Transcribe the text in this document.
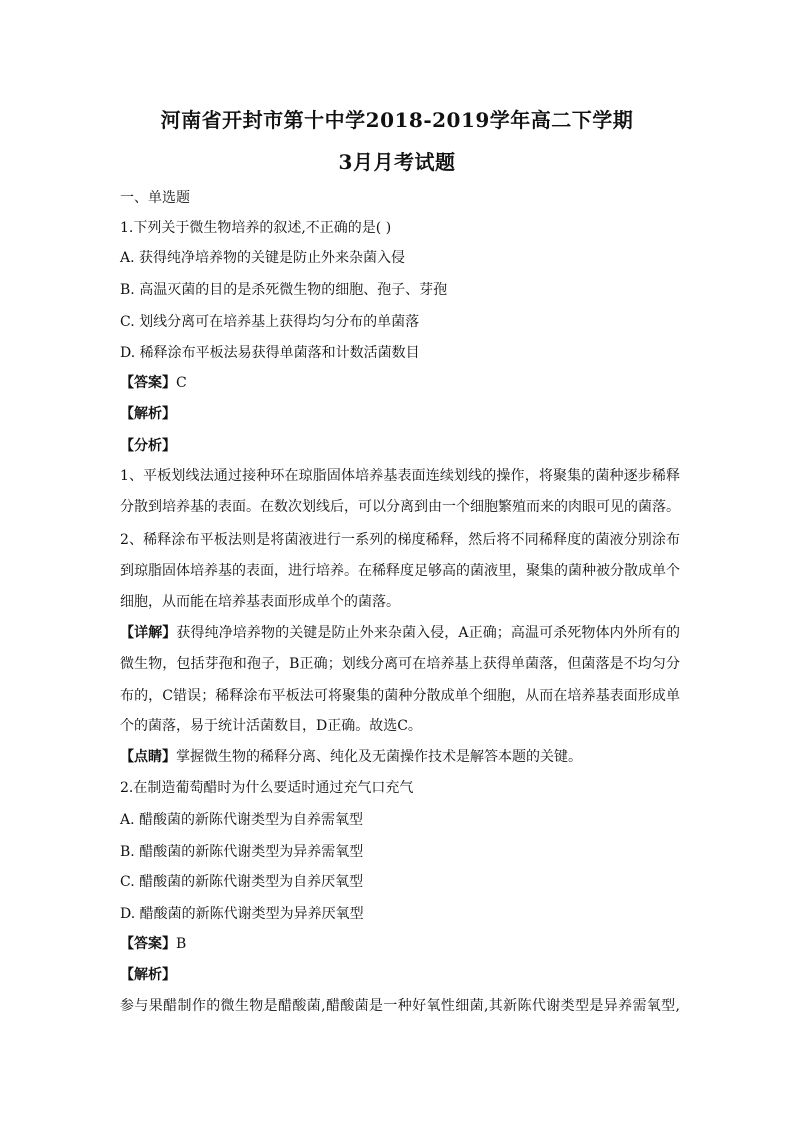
河南省开封市第十中学2018-2019学年高二下学期
3月月考试题
一、单选题
1.下列关于微生物培养的叙述,不正确的是( )
A. 获得纯净培养物的关键是防止外来杂菌入侵
B. 高温灭菌的目的是杀死微生物的细胞、孢子、芽孢
C. 划线分离可在培养基上获得均匀分布的单菌落
D. 稀释涂布平板法易获得单菌落和计数活菌数目
【答案】C
【解析】
【分析】
1、平板划线法通过接种环在琼脂固体培养基表面连续划线的操作，将聚集的菌种逐步稀释
分散到培养基的表面。在数次划线后，可以分离到由一个细胞繁殖而来的肉眼可见的菌落。
2、稀释涂布平板法则是将菌液进行一系列的梯度稀释，然后将不同稀释度的菌液分别涂布
到琼脂固体培养基的表面，进行培养。在稀释度足够高的菌液里，聚集的菌种被分散成单个
细胞，从而能在培养基表面形成单个的菌落。
【详解】获得纯净培养物的关键是防止外来杂菌入侵，A正确；高温可杀死物体内外所有的
微生物，包括芽孢和孢子，B正确；划线分离可在培养基上获得单菌落，但菌落是不均匀分
布的，C错误；稀释涂布平板法可将聚集的菌种分散成单个细胞，从而在培养基表面形成单
个的菌落，易于统计活菌数目，D正确。故选C。
【点睛】掌握微生物的稀释分离、纯化及无菌操作技术是解答本题的关键。
2.在制造葡萄醋时为什么要适时通过充气口充气
A. 醋酸菌的新陈代谢类型为自养需氧型
B. 醋酸菌的新陈代谢类型为异养需氧型
C. 醋酸菌的新陈代谢类型为自养厌氧型
D. 醋酸菌的新陈代谢类型为异养厌氧型
【答案】B
【解析】
参与果醋制作的微生物是醋酸菌,醋酸菌是一种好氧性细菌,其新陈代谢类型是异养需氧型,
